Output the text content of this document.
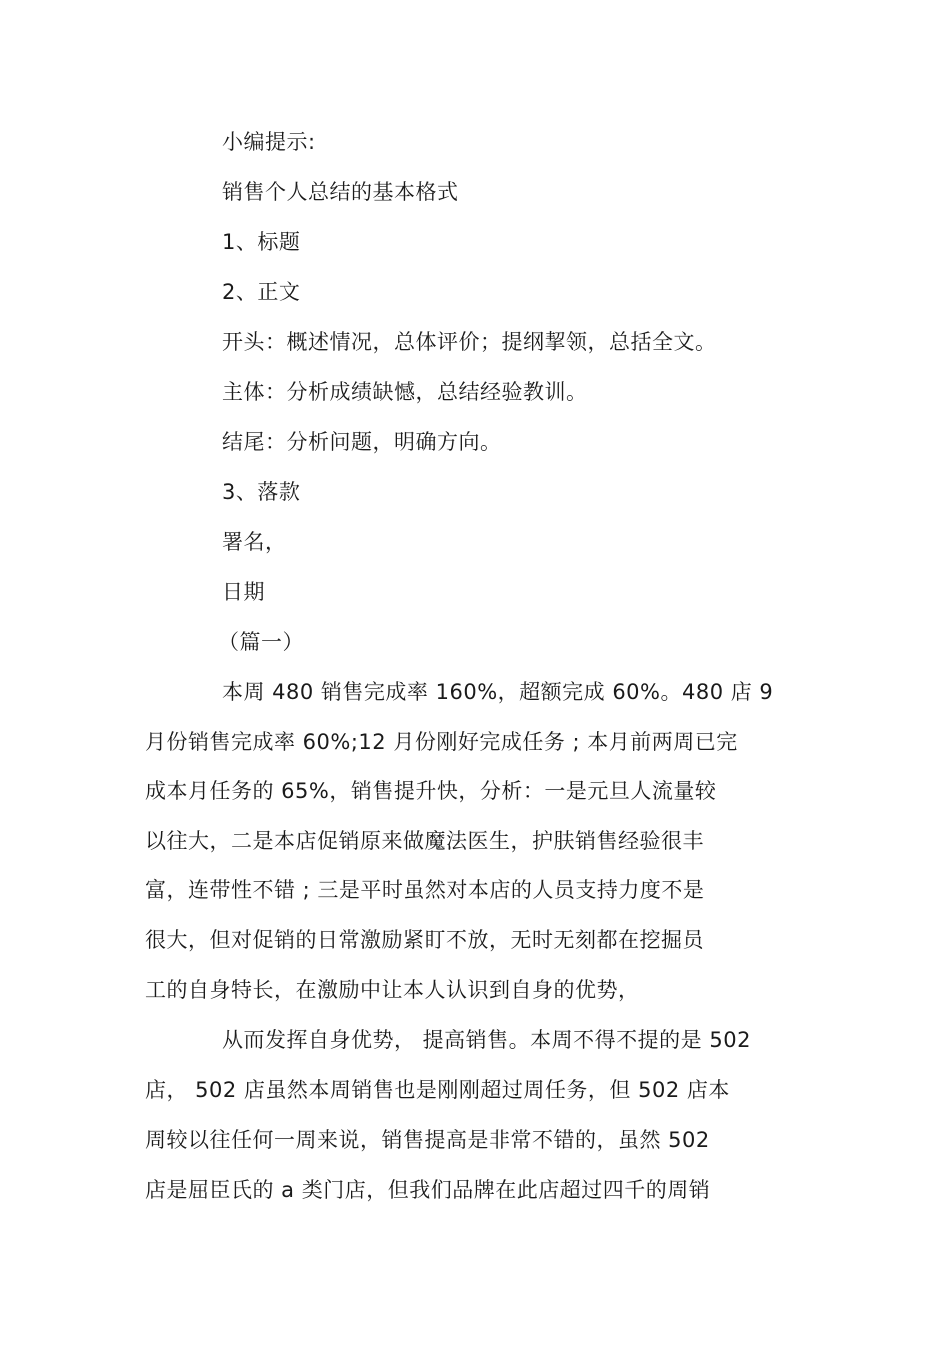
小编提示:
销售个人总结的基本格式
1、标题
2、正文
开头：概述情况，总体评价；提纲挈领，总括全文。
主体：分析成绩缺憾，总结经验教训。
结尾：分析问题，明确方向。
3、落款
署名，
日期
（篇一）
本周 480 销售完成率 160%，超额完成 60%。480 店 9
月份销售完成率 60%;12 月份刚好完成任务 ; 本月前两周已完
成本月任务的 65%，销售提升快，分析：一是元旦人流量较
以往大，二是本店促销原来做魔法医生，护肤销售经验很丰
富，连带性不错 ; 三是平时虽然对本店的人员支持力度不是
很大，但对促销的日常激励紧盯不放，无时无刻都在挖掘员
工的自身特长，在激励中让本人认识到自身的优势，
从而发挥自身优势， 提高销售。本周不得不提的是 502
店， 502 店虽然本周销售也是刚刚超过周任务，但 502 店本
周较以往任何一周来说，销售提高是非常不错的，虽然 502
店是屈臣氏的 a 类门店，但我们品牌在此店超过四千的周销
